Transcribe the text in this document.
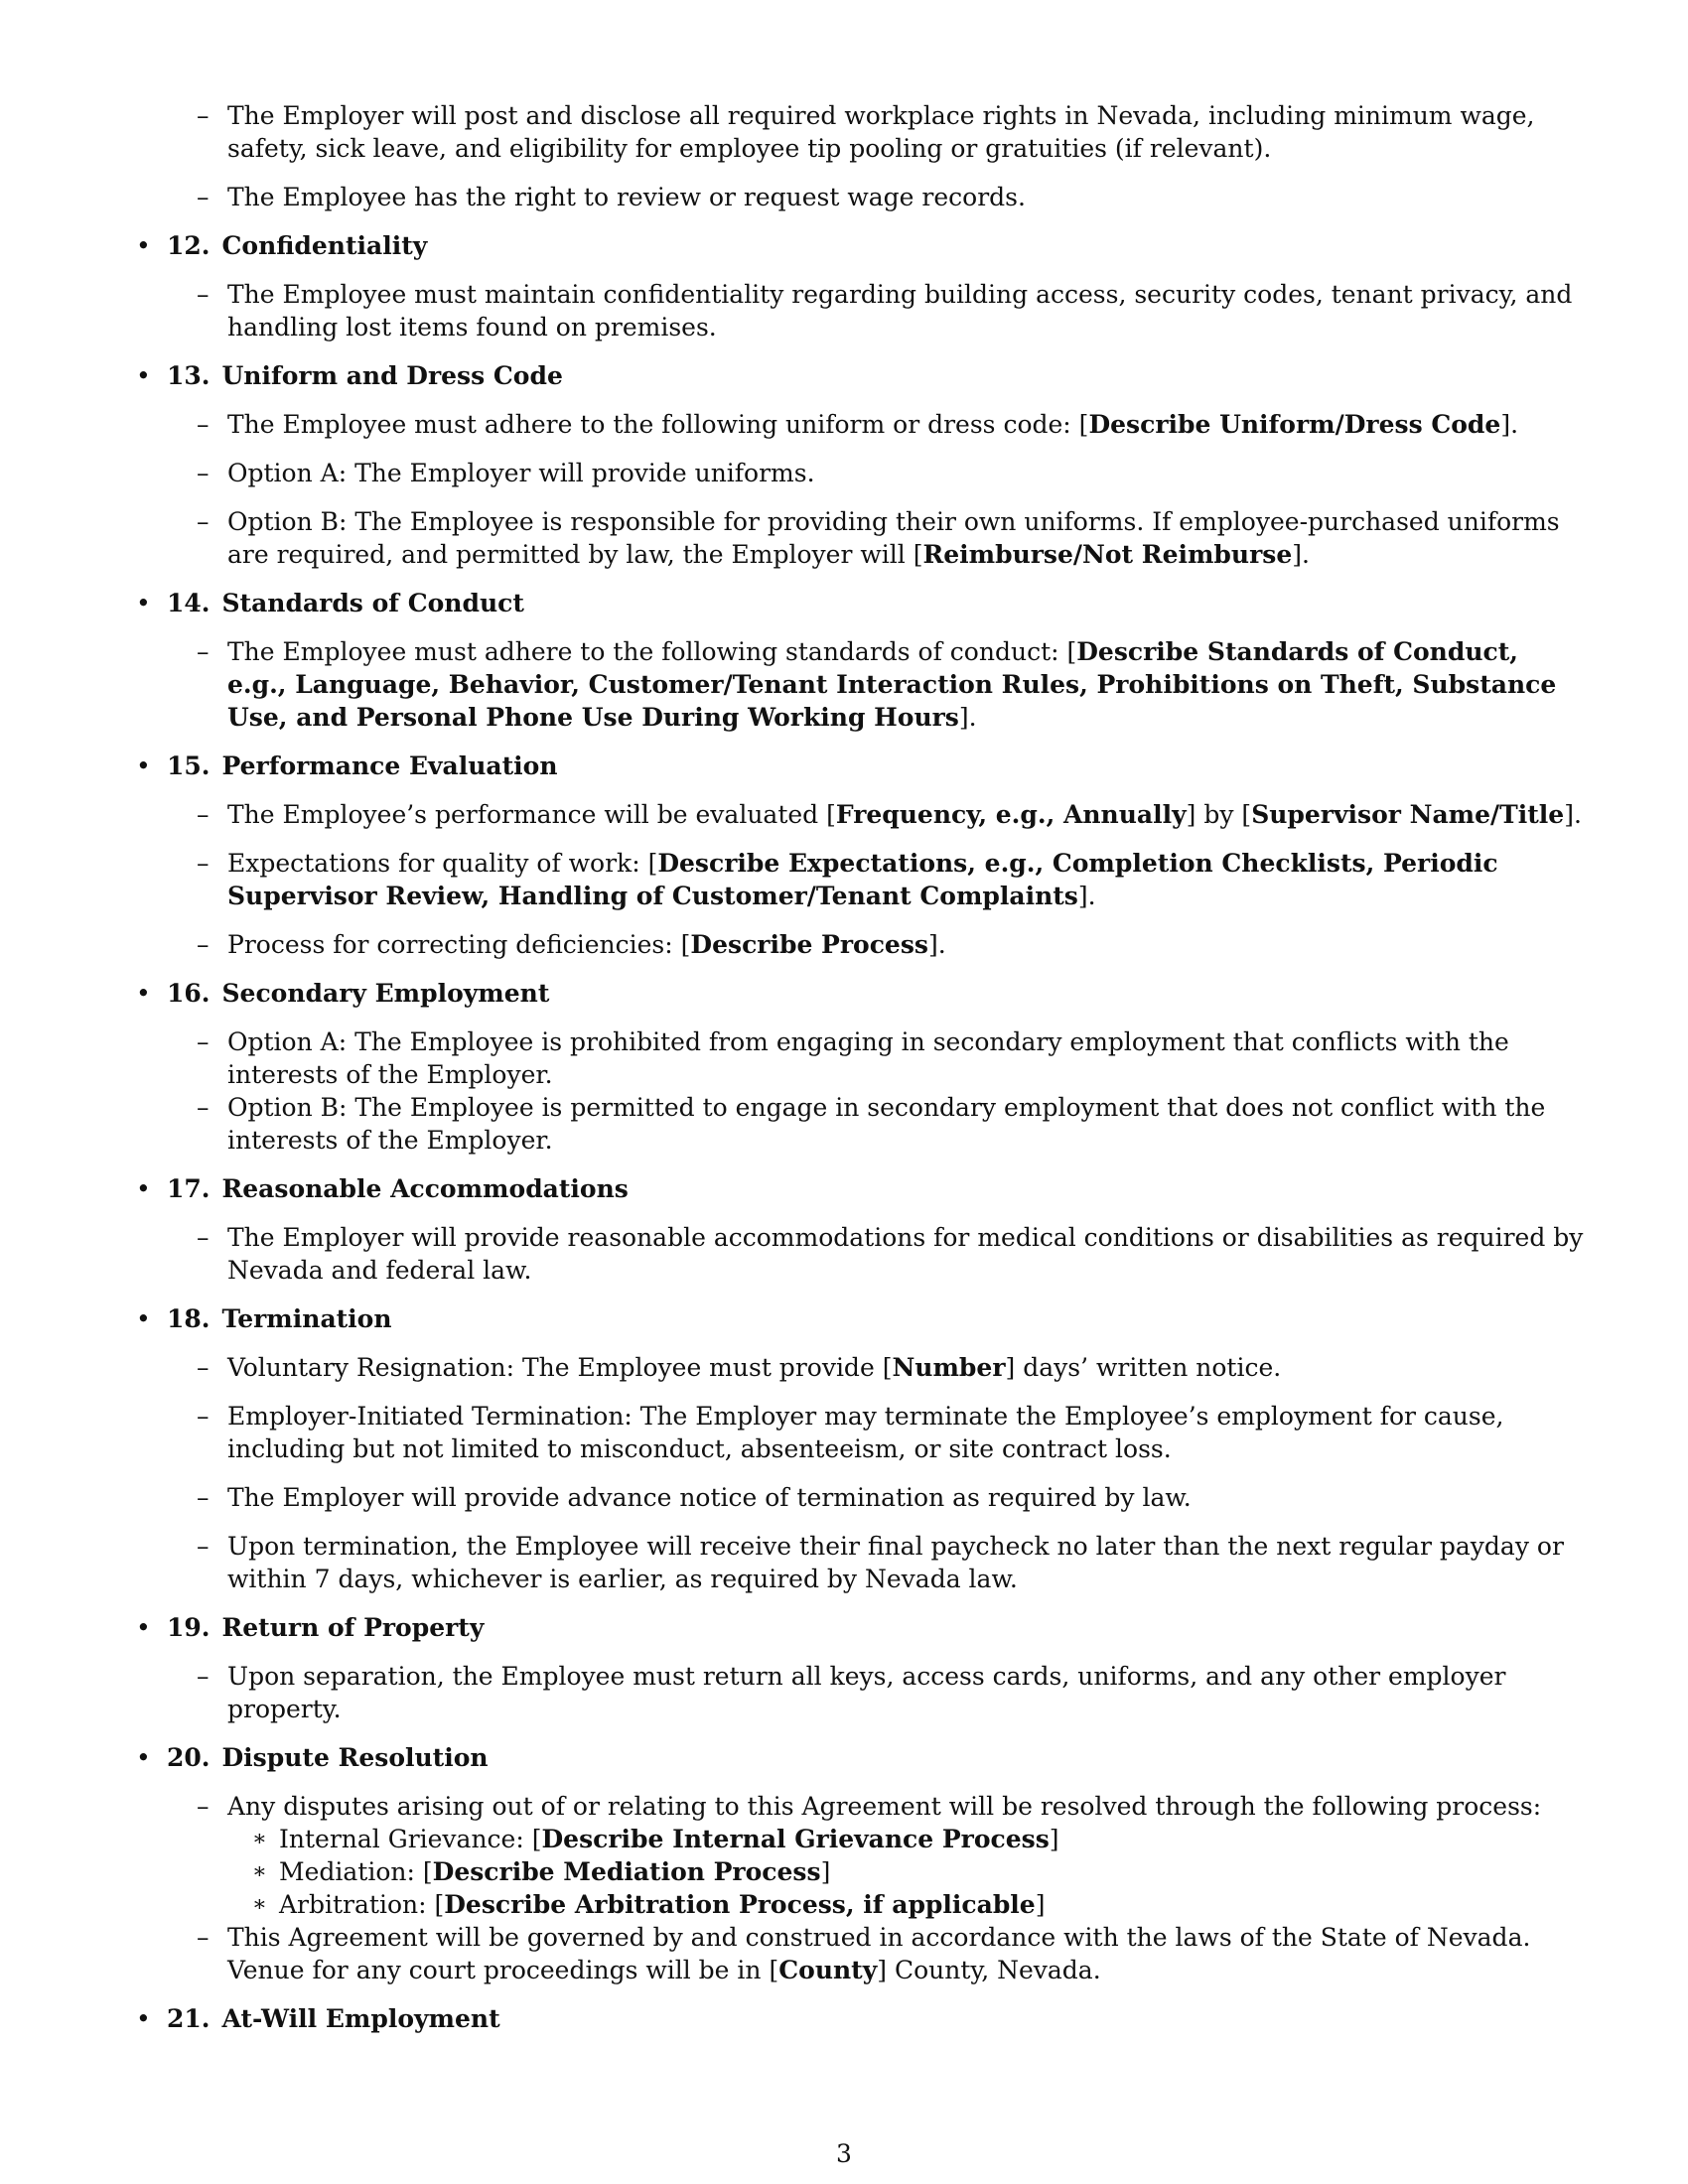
– The Employer will post and disclose all required workplace rights in Nevada, including minimum wage, safety, sick leave, and eligibility for employee tip pooling or gratuities (if relevant).

– The Employee has the right to review or request wage records.

• 12. Confidentiality

– The Employee must maintain confidentiality regarding building access, security codes, tenant privacy, and handling lost items found on premises.

• 13. Uniform and Dress Code

– The Employee must adhere to the following uniform or dress code: [Describe Uniform/Dress Code].

– Option A: The Employer will provide uniforms.

– Option B: The Employee is responsible for providing their own uniforms. If employee-purchased uniforms are required, and permitted by law, the Employer will [Reimburse/Not Reimburse].

• 14. Standards of Conduct

– The Employee must adhere to the following standards of conduct: [Describe Standards of Conduct, e.g., Language, Behavior, Customer/Tenant Interaction Rules, Prohibitions on Theft, Substance Use, and Personal Phone Use During Working Hours].

• 15. Performance Evaluation

– The Employee’s performance will be evaluated [Frequency, e.g., Annually] by [Supervisor Name/Title].

– Expectations for quality of work: [Describe Expectations, e.g., Completion Checklists, Periodic Supervisor Review, Handling of Customer/Tenant Complaints].

– Process for correcting deficiencies: [Describe Process].

• 16. Secondary Employment

– Option A: The Employee is prohibited from engaging in secondary employment that conflicts with the interests of the Employer.

– Option B: The Employee is permitted to engage in secondary employment that does not conflict with the interests of the Employer.

• 17. Reasonable Accommodations

– The Employer will provide reasonable accommodations for medical conditions or disabilities as required by Nevada and federal law.

• 18. Termination

– Voluntary Resignation: The Employee must provide [Number] days’ written notice.

– Employer-Initiated Termination: The Employer may terminate the Employee’s employment for cause, including but not limited to misconduct, absenteeism, or site contract loss.

– The Employer will provide advance notice of termination as required by law.

– Upon termination, the Employee will receive their final paycheck no later than the next regular payday or within 7 days, whichever is earlier, as required by Nevada law.

• 19. Return of Property

– Upon separation, the Employee must return all keys, access cards, uniforms, and any other employer property.

• 20. Dispute Resolution

– Any disputes arising out of or relating to this Agreement will be resolved through the following process:

∗ Internal Grievance: [Describe Internal Grievance Process]

∗ Mediation: [Describe Mediation Process]

∗ Arbitration: [Describe Arbitration Process, if applicable]

– This Agreement will be governed by and construed in accordance with the laws of the State of Nevada. Venue for any court proceedings will be in [County] County, Nevada.

• 21. At-Will Employment

3
